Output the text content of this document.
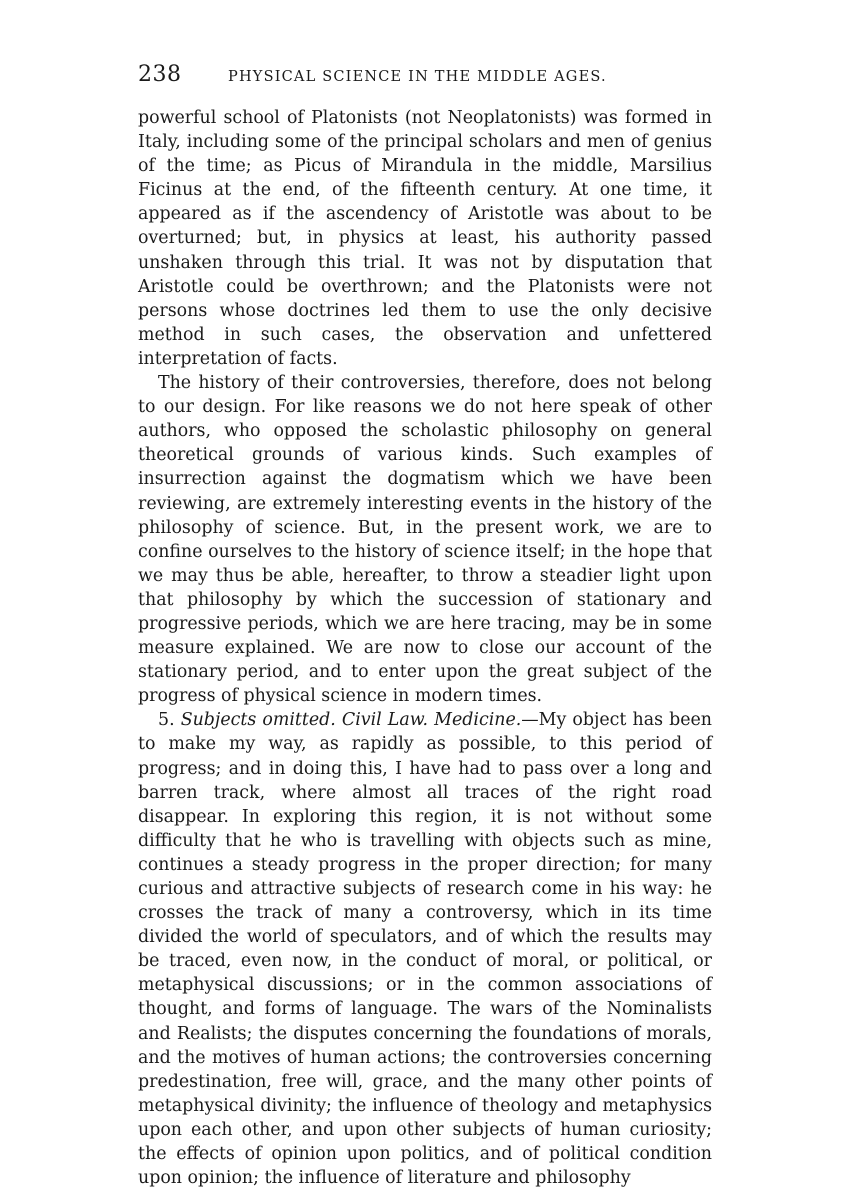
238	PHYSICAL SCIENCE IN THE MIDDLE AGES.

powerful school of Platonists (not Neoplatonists) was formed in Italy, including some of the principal scholars and men of genius of the time; as Picus of Mirandula in the middle, Marsilius Ficinus at the end, of the fifteenth century. At one time, it appeared as if the ascendency of Aristotle was about to be overturned; but, in physics at least, his authority passed unshaken through this trial. It was not by disputation that Aristotle could be overthrown; and the Platonists were not persons whose doctrines led them to use the only decisive method in such cases, the observation and unfettered interpretation of facts.

The history of their controversies, therefore, does not belong to our design. For like reasons we do not here speak of other authors, who opposed the scholastic philosophy on general theoretical grounds of various kinds. Such examples of insurrection against the dogmatism which we have been reviewing, are extremely interesting events in the history of the philosophy of science. But, in the present work, we are to confine ourselves to the history of science itself; in the hope that we may thus be able, hereafter, to throw a steadier light upon that philosophy by which the succession of stationary and progressive periods, which we are here tracing, may be in some measure explained. We are now to close our account of the stationary period, and to enter upon the great subject of the progress of physical science in modern times.

5. Subjects omitted. Civil Law. Medicine.—My object has been to make my way, as rapidly as possible, to this period of progress; and in doing this, I have had to pass over a long and barren track, where almost all traces of the right road disappear. In exploring this region, it is not without some difficulty that he who is travelling with objects such as mine, continues a steady progress in the proper direction; for many curious and attractive subjects of research come in his way: he crosses the track of many a controversy, which in its time divided the world of speculators, and of which the results may be traced, even now, in the conduct of moral, or political, or metaphysical discussions; or in the common associations of thought, and forms of language. The wars of the Nominalists and Realists; the disputes concerning the foundations of morals, and the motives of human actions; the controversies concerning predestination, free will, grace, and the many other points of metaphysical divinity; the influence of theology and metaphysics upon each other, and upon other subjects of human curiosity; the effects of opinion upon politics, and of political condition upon opinion; the influence of literature and philosophy
